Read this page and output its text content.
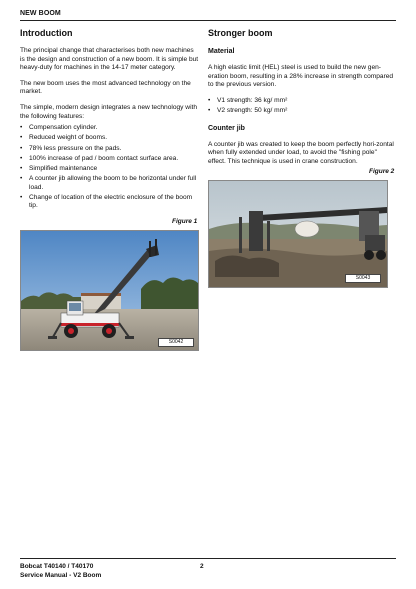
NEW BOOM
Introduction

The principal change that characterises both new machines is the design and construction of a new boom. It is simple but heavy-duty for machines in the 14-17 meter category.

The new boom uses the most advanced technology on the market.

The simple, modern design integrates a new technology with the following features:

• Compensation cylinder.
• Reduced weight of booms.
• 78% less pressure on the pads.
• 100% increase of pad / boom contact surface area.
• Simplified maintenance
• A counter jib allowing the boom to be horizontal under full load.
• Change of location of the electric enclosure of the boom tip.
Figure 1
S0042
Stronger boom
Material

A high elastic limit (HEL) steel is used to build the new gen-eration boom, resulting in a 28% increase in strength compared to the previous version.

• V1 strength: 36 kg/ mm²
• V2 strength: 50 kg/ mm²
Counter jib

A counter jib was created to keep the boom perfectly hori-zontal when fully extended under load, to avoid the "fishing pole" effect. This technique is used in crane construction.

Figure 2
S0043
Bobcat T40140 / T40170
Service Manual - V2 Boom
2
